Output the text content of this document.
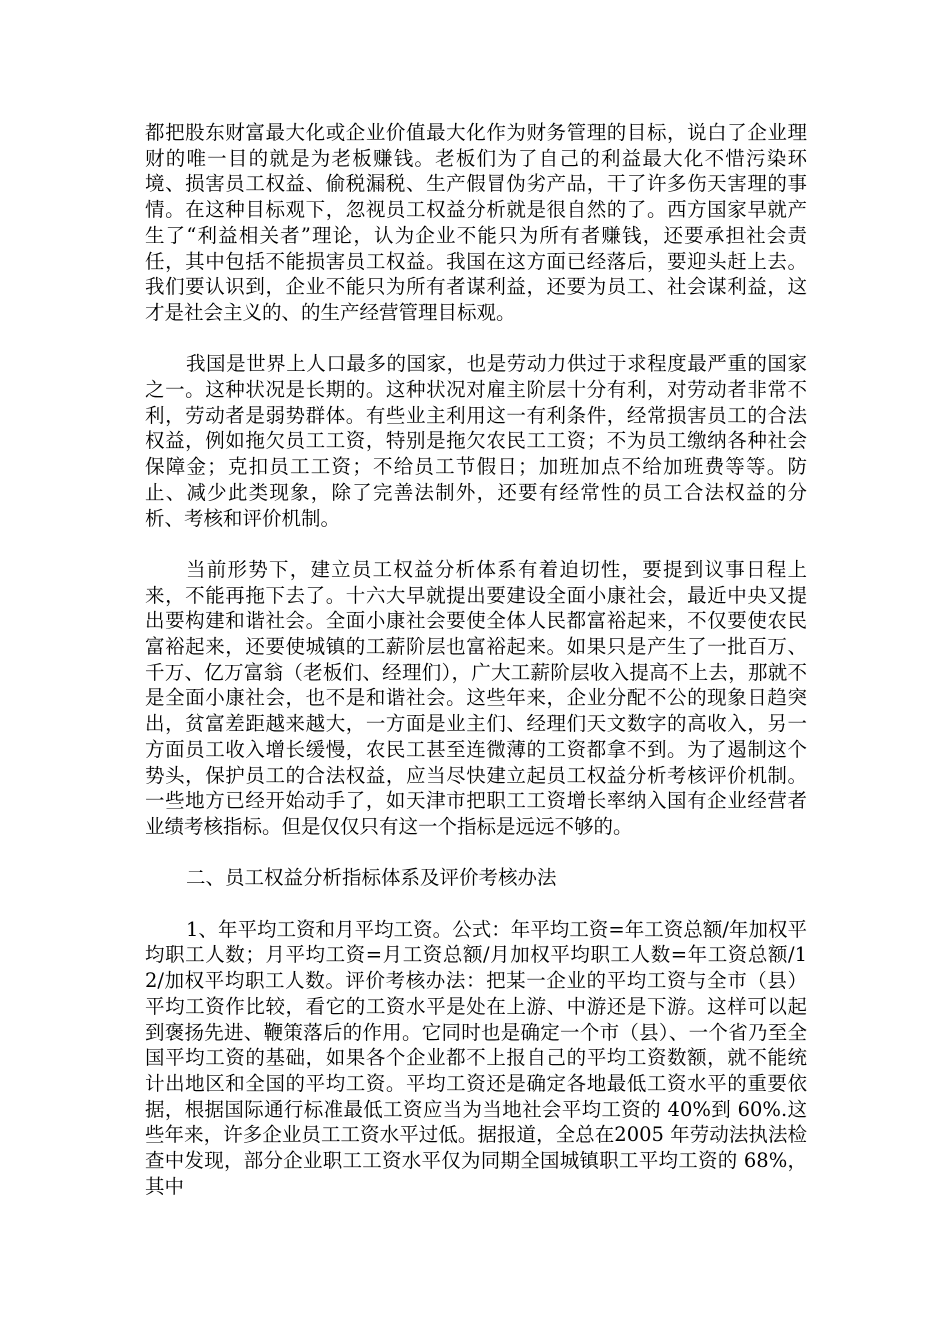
都把股东财富最大化或企业价值最大化作为财务管理的目标，说白了企业理财的唯一目的就是为老板赚钱。老板们为了自己的利益最大化不惜污染环境、损害员工权益、偷税漏税、生产假冒伪劣产品，干了许多伤天害理的事情。在这种目标观下，忽视员工权益分析就是很自然的了。西方国家早就产生了“利益相关者”理论，认为企业不能只为所有者赚钱，还要承担社会责任，其中包括不能损害员工权益。我国在这方面已经落后，要迎头赶上去。我们要认识到，企业不能只为所有者谋利益，还要为员工、社会谋利益，这才是社会主义的、的生产经营管理目标观。

我国是世界上人口最多的国家，也是劳动力供过于求程度最严重的国家之一。这种状况是长期的。这种状况对雇主阶层十分有利，对劳动者非常不利，劳动者是弱势群体。有些业主利用这一有利条件，经常损害员工的合法权益，例如拖欠员工工资，特别是拖欠农民工工资；不为员工缴纳各种社会保障金；克扣员工工资；不给员工节假日；加班加点不给加班费等等。防止、减少此类现象，除了完善法制外，还要有经常性的员工合法权益的分析、考核和评价机制。

当前形势下，建立员工权益分析体系有着迫切性，要提到议事日程上来，不能再拖下去了。十六大早就提出要建设全面小康社会，最近中央又提出要构建和谐社会。全面小康社会要使全体人民都富裕起来，不仅要使农民富裕起来，还要使城镇的工薪阶层也富裕起来。如果只是产生了一批百万、千万、亿万富翁（老板们、经理们），广大工薪阶层收入提高不上去，那就不是全面小康社会，也不是和谐社会。这些年来，企业分配不公的现象日趋突出，贫富差距越来越大，一方面是业主们、经理们天文数字的高收入，另一方面员工收入增长缓慢，农民工甚至连微薄的工资都拿不到。为了遏制这个势头，保护员工的合法权益，应当尽快建立起员工权益分析考核评价机制。一些地方已经开始动手了，如天津市把职工工资增长率纳入国有企业经营者业绩考核指标。但是仅仅只有这一个指标是远远不够的。

二、员工权益分析指标体系及评价考核办法

1、年平均工资和月平均工资。公式：年平均工资=年工资总额/年加权平均职工人数；月平均工资=月工资总额/月加权平均职工人数=年工资总额/12/加权平均职工人数。评价考核办法：把某一企业的平均工资与全市（县）平均工资作比较，看它的工资水平是处在上游、中游还是下游。这样可以起到褒扬先进、鞭策落后的作用。它同时也是确定一个市（县）、一个省乃至全国平均工资的基础，如果各个企业都不上报自己的平均工资数额，就不能统计出地区和全国的平均工资。平均工资还是确定各地最低工资水平的重要依据，根据国际通行标准最低工资应当为当地社会平均工资的 40%到 60%.这些年来，许多企业员工工资水平过低。据报道，全总在2005 年劳动法执法检查中发现，部分企业职工工资水平仅为同期全国城镇职工平均工资的 68%，其中
